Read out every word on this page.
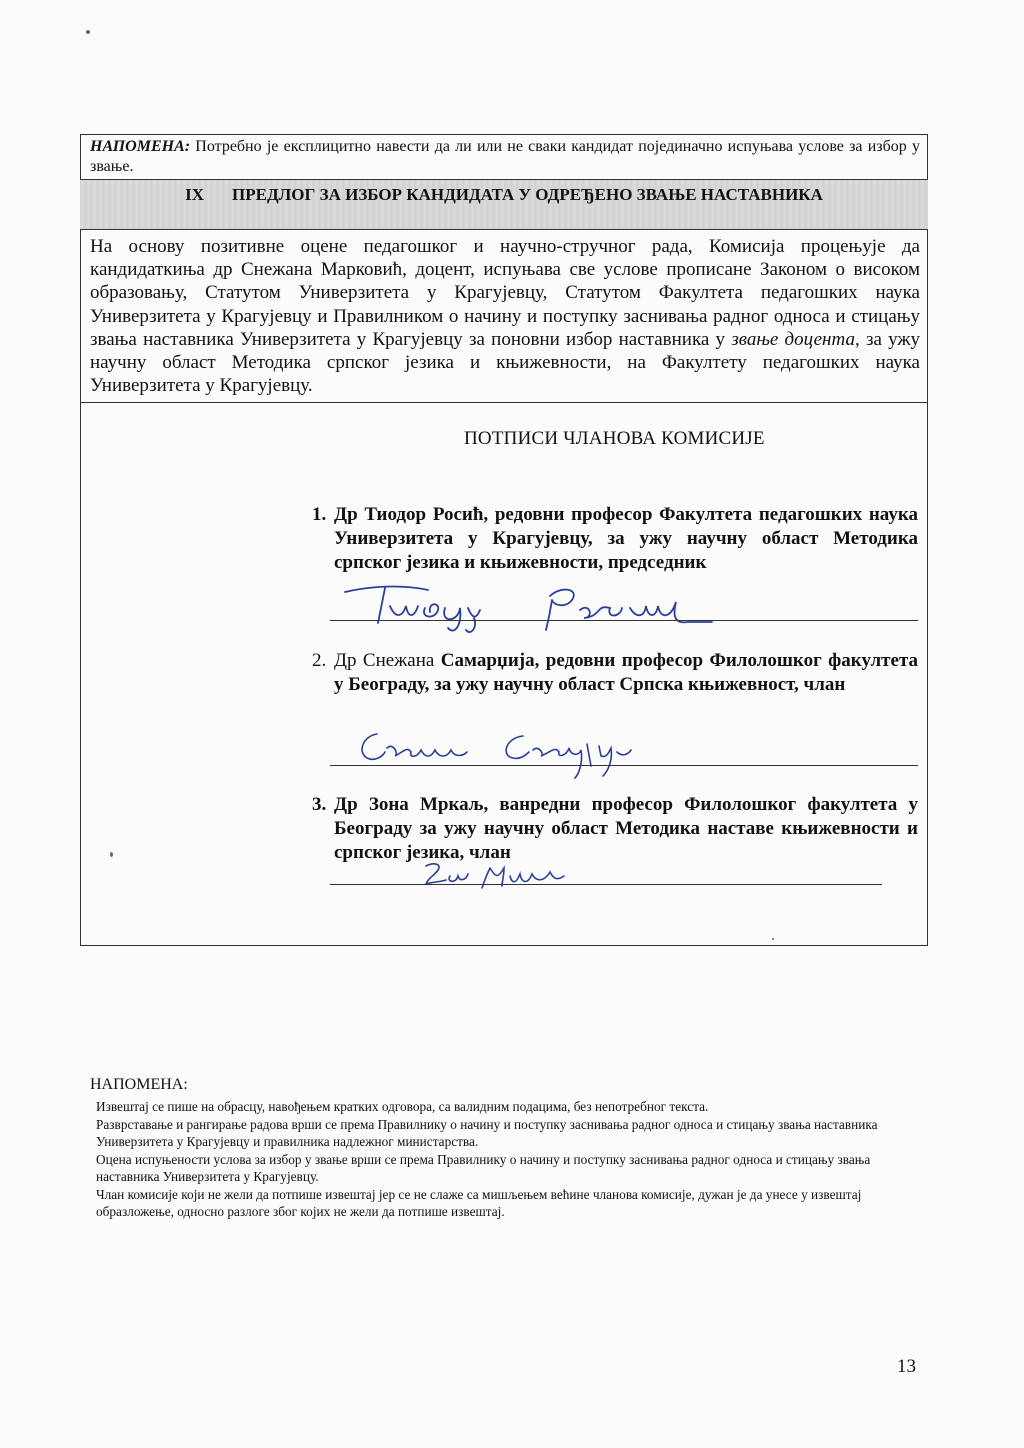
НАПОМЕНА: Потребно је експлицитно навести да ли или не сваки кандидат појединачно испуњава услове за избор у звање.
IX ПРЕДЛОГ ЗА ИЗБОР КАНДИДАТА У ОДРЕЂЕНО ЗВАЊЕ НАСТАВНИКА
На основу позитивне оцене педагошког и научно-стручног рада, Комисија процењује да кандидаткиња др Снежана Марковић, доцент, испуњава све услове прописане Законом о високом образовању, Статутом Универзитета у Крагујевцу, Статутом Факултета педагошких наука Универзитета у Крагујевцу и Правилником о начину и поступку заснивања радног односа и стицању звања наставника Универзитета у Крагујевцу за поновни избор наставника у звање доцента, за ужу научну област Методика српског језика и књижевности, на Факултету педагошких наука Универзитета у Крагујевцу.
ПОТПИСИ ЧЛАНОВА КОМИСИЈЕ
1. Др Тиодор Росић, редовни професор Факултета педагошких наука Универзитета у Крагујевцу, за ужу научну област Методика српског језика и књижевности, председник
2. Др Снежана Самарџија, редовни професор Филолошког факултета у Београду, за ужу научну област Српска књижевност, члан
3. Др Зона Мркаљ, ванредни професор Филолошког факултета у Београду за ужу научну област Методика наставе књижевности и српског језика, члан
НАПОМЕНА:

Извештај се пише на обрасцу, навођењем кратких одговора, са валидним подацима, без непотребног текста.

Разврставање и рангирање радова врши се према Правилнику о начину и поступку заснивања радног односа и стицању звања наставника Универзитета у Крагујевцу и правилника надлежног министарства.

Оцена испуњености услова за избор у звање врши се према Правилнику о начину и поступку заснивања радног односа и стицању звања наставника Универзитета у Крагујевцу.

Члан комисије који не жели да потпише извештај јер се не слаже са мишљењем већине чланова комисије, дужан је да унесе у извештај образложење, односно разлоге због којих не жели да потпише извештај.

13
